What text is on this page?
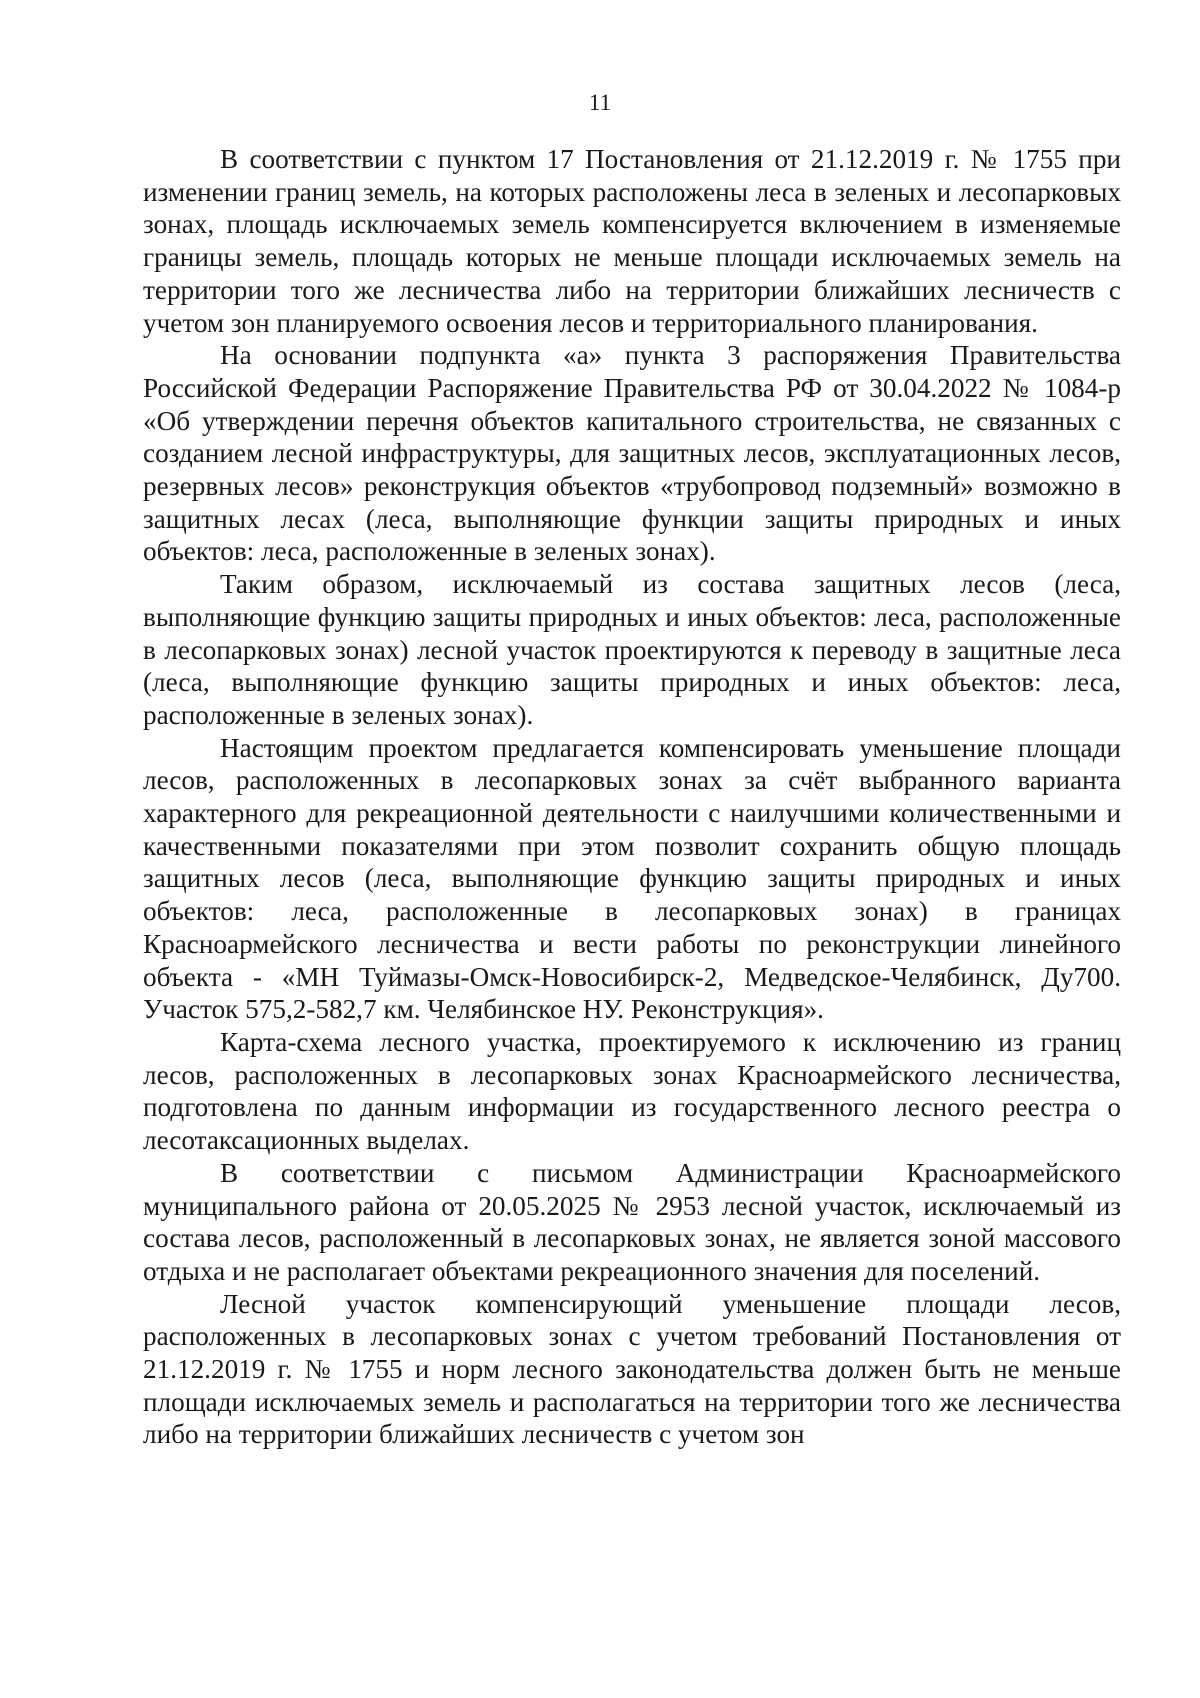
11

В соответствии с пунктом 17 Постановления от 21.12.2019 г. № 1755 при изменении границ земель, на которых расположены леса в зеленых и лесопарковых зонах, площадь исключаемых земель компенсируется включением в изменяемые границы земель, площадь которых не меньше площади исключаемых земель на территории того же лесничества либо на территории ближайших лесничеств с учетом зон планируемого освоения лесов и территориального планирования.

На основании подпункта «а» пункта 3 распоряжения Правительства Российской Федерации Распоряжение Правительства РФ от 30.04.2022 № 1084-р «Об утверждении перечня объектов капитального строительства, не связанных с созданием лесной инфраструктуры, для защитных лесов, эксплуатационных лесов, резервных лесов» реконструкция объектов «трубопровод подземный» возможно в защитных лесах (леса, выполняющие функции защиты природных и иных объектов: леса, расположенные в зеленых зонах).

Таким образом, исключаемый из состава защитных лесов (леса, выполняющие функцию защиты природных и иных объектов: леса, расположенные в лесопарковых зонах) лесной участок проектируются к переводу в защитные леса (леса, выполняющие функцию защиты природных и иных объектов: леса, расположенные в зеленых зонах).

Настоящим проектом предлагается компенсировать уменьшение площади лесов, расположенных в лесопарковых зонах за счёт выбранного варианта характерного для рекреационной деятельности с наилучшими количественными и качественными показателями при этом позволит сохранить общую площадь защитных лесов (леса, выполняющие функцию защиты природных и иных объектов: леса, расположенные в лесопарковых зонах) в границах Красноармейского лесничества и вести работы по реконструкции линейного объекта - «МН Туймазы-Омск-Новосибирск-2, Медведское-Челябинск, Ду700. Участок 575,2-582,7 км. Челябинское НУ. Реконструкция».

Карта-схема лесного участка, проектируемого к исключению из границ лесов, расположенных в лесопарковых зонах Красноармейского лесничества, подготовлена по данным информации из государственного лесного реестра о лесотаксационных выделах.

В соответствии с письмом Администрации Красноармейского муниципального района от 20.05.2025 № 2953 лесной участок, исключаемый из состава лесов, расположенный в лесопарковых зонах, не является зоной массового отдыха и не располагает объектами рекреационного значения для поселений.

Лесной участок компенсирующий уменьшение площади лесов, расположенных в лесопарковых зонах с учетом требований Постановления от 21.12.2019 г. № 1755 и норм лесного законодательства должен быть не меньше площади исключаемых земель и располагаться на территории того же лесничества либо на территории ближайших лесничеств с учетом зон
